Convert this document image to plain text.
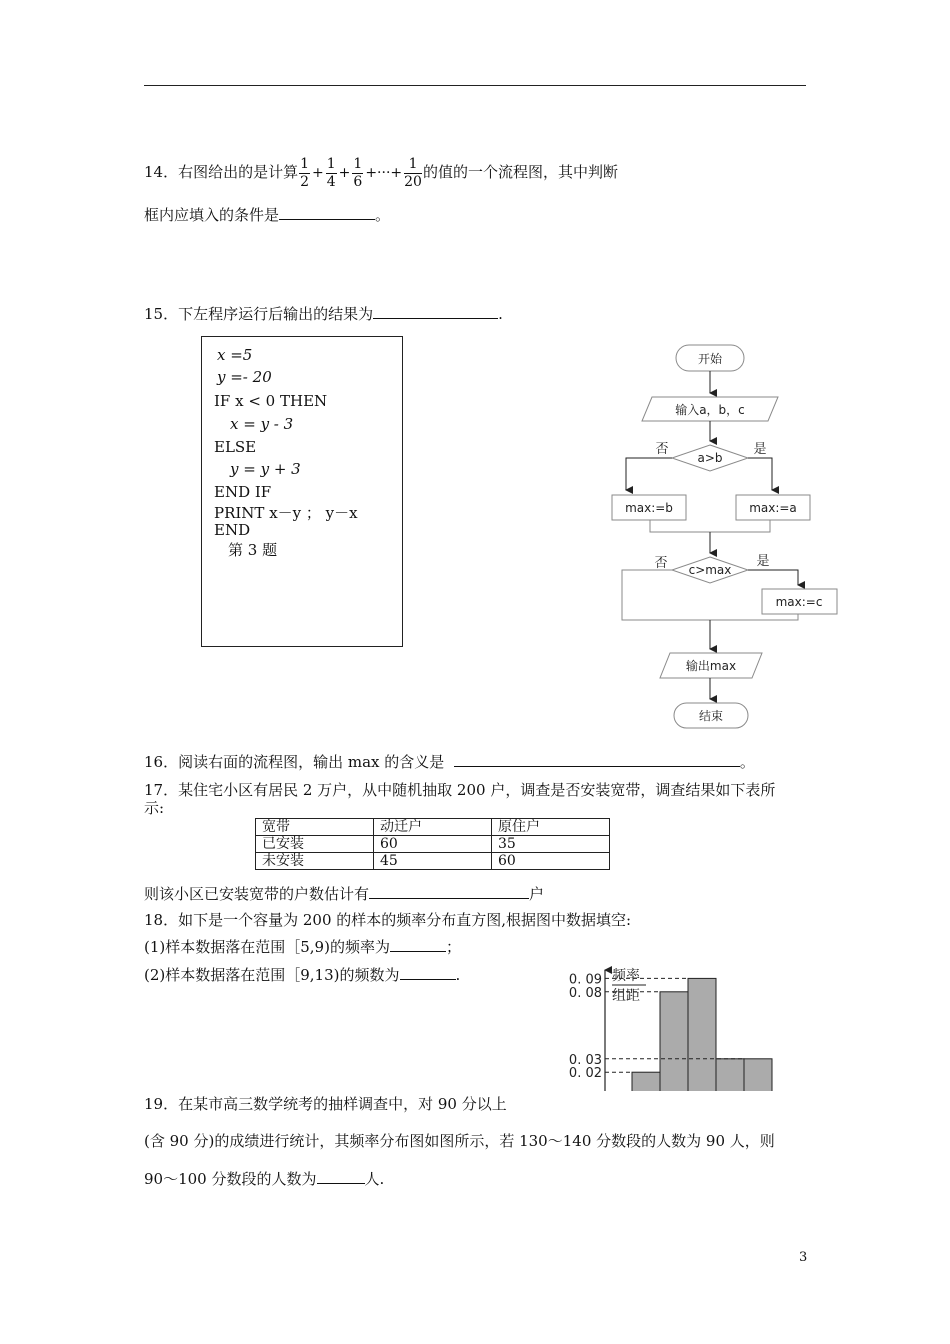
14．右图给出的是计算 $\frac{1}{2} + \frac{1}{4} + \frac{1}{6}$ +···+ $\frac{1}{20}$ 的值的一个流程图，其中判断
框内应填入的条件是	。
15．下左程序运行后输出的结果为	.
x =5
y =- 20
IF x < 0 THEN
x = y - 3
ELSE
y = y + 3
END IF
PRINT x－y ； y－x
END
第 3 题
开始
输入a，b，c
否	是
a>b
max:=b	max:=a
否	是
c>max
max:=c
输出max
结束
16．阅读右面的流程图，输出 max 的含义是	。
17．某住宅小区有居民 2 万户，从中随机抽取 200 户，调查是否安装宽带，调查结果如下表所
示:
宽带	动迁户	原住户
已安装	60	35
未安装	45	60
则该小区已安装宽带的户数估计有	户
18．如下是一个容量为 200 的样本的频率分布直方图,根据图中数据填空:
(1)样本数据落在范围［5,9)的频率为	；
(2)样本数据落在范围［9,13)的频数为	.	频率
组距
0. 09
0. 08
0. 03
0. 02
19．在某市高三数学统考的抽样调查中，对 90 分以上
(含 90 分)的成绩进行统计，其频率分布图如图所示，若 130～140 分数段的人数为 90 人，则
90～100 分数段的人数为	人.
3
